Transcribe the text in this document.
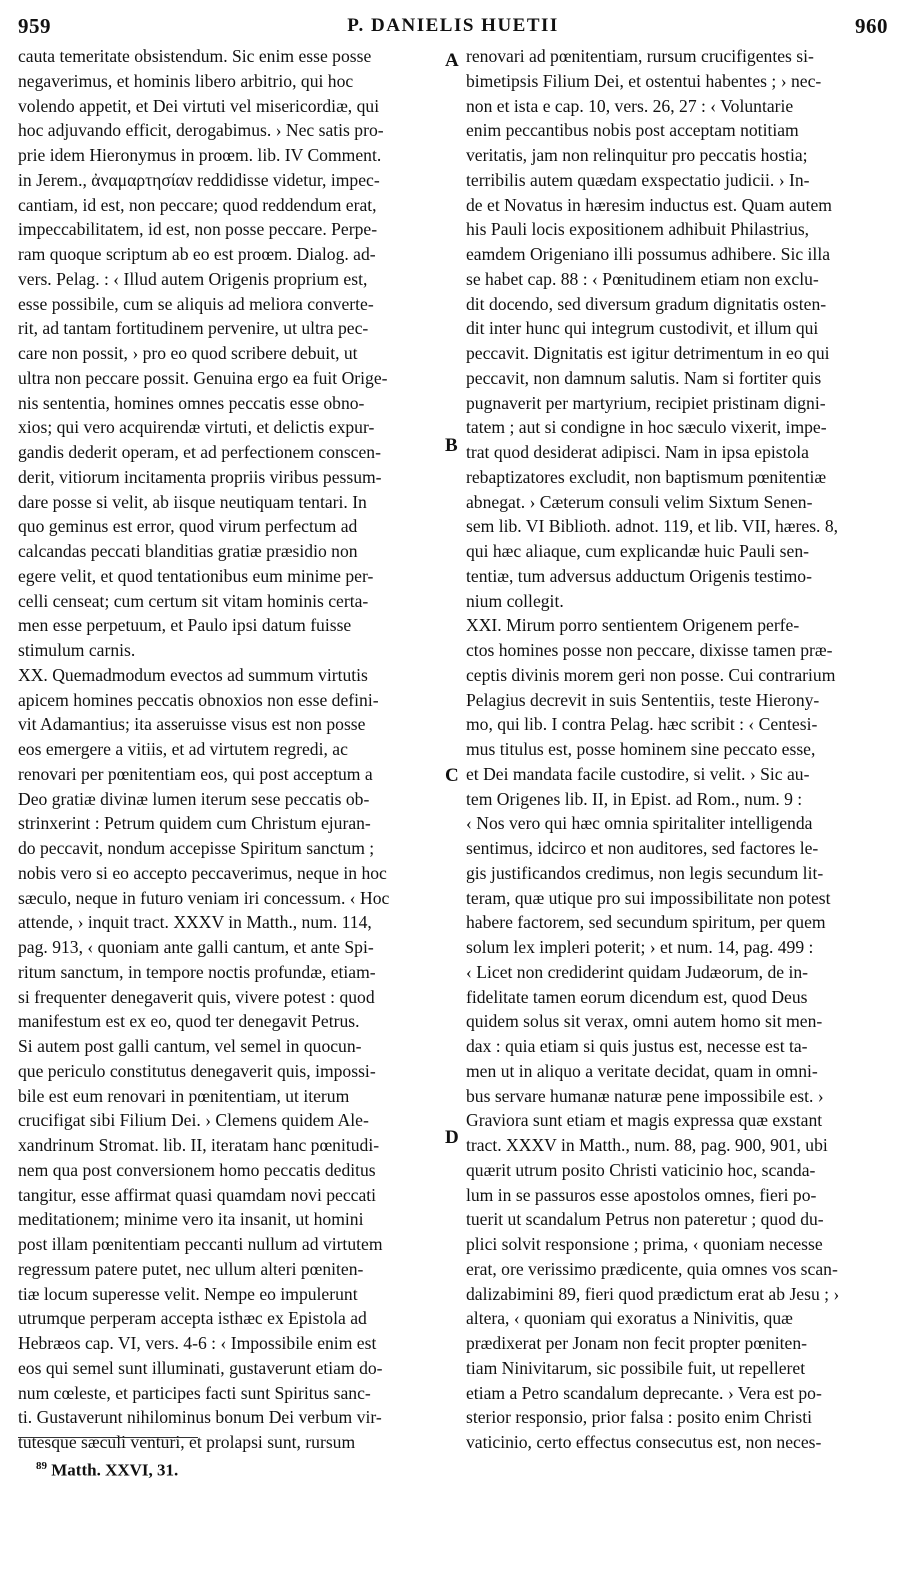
959	P. DANIELIS HUETII	960
cauta temeritate obsistendum. Sic enim esse posse
negaverimus, et hominis libero arbitrio, qui hoc
volendo appetit, et Dei virtuti vel misericordiæ, qui
hoc adjuvando efficit, derogabimus. › Nec satis pro-
prie idem Hieronymus in proœm. lib. IV Comment.
in Jerem., ἀναμαρτησίαν reddidisse videtur, impec-
cantiam, id est, non peccare; quod reddendum erat,
impeccabilitatem, id est, non posse peccare. Perpe-
ram quoque scriptum ab eo est proœm. Dialog. ad-
vers. Pelag. : ‹ Illud autem Origenis proprium est,
esse possibile, cum se aliquis ad meliora converte-
rit, ad tantam fortitudinem pervenire, ut ultra pec-
care non possit, › pro eo quod scribere debuit, ut
ultra non peccare possit. Genuina ergo ea fuit Orige-
nis sententia, homines omnes peccatis esse obno-
xios; qui vero acquirendæ virtuti, et delictis expur-
gandis dederit operam, et ad perfectionem conscen-
derit, vitiorum incitamenta propriis viribus pessum-
dare posse si velit, ab iisque neutiquam tentari. In
quo geminus est error, quod virum perfectum ad
calcandas peccati blanditias gratiæ præsidio non
egere velit, et quod tentationibus eum minime per-
celli censeat; cum certum sit vitam hominis certa-
men esse perpetuum, et Paulo ipsi datum fuisse
stimulum carnis.
XX. Quemadmodum evectos ad summum virtutis
apicem homines peccatis obnoxios non esse defini-
vit Adamantius; ita asseruisse visus est non posse
eos emergere a vitiis, et ad virtutem regredi, ac
renovari per pœnitentiam eos, qui post acceptum a
Deo gratiæ divinæ lumen iterum sese peccatis ob-
strinxerint : Petrum quidem cum Christum ejuran-
do peccavit, nondum accepisse Spiritum sanctum ;
nobis vero si eo accepto peccaverimus, neque in hoc
sæculo, neque in futuro veniam iri concessum. ‹ Hoc
attende, › inquit tract. XXXV in Matth., num. 114,
pag. 913, ‹ quoniam ante galli cantum, et ante Spi-
ritum sanctum, in tempore noctis profundæ, etiam-
si frequenter denegaverit quis, vivere potest : quod
manifestum est ex eo, quod ter denegavit Petrus.
Si autem post galli cantum, vel semel in quocun-
que periculo constitutus denegaverit quis, impossi-
bile est eum renovari in pœnitentiam, ut iterum
crucifigat sibi Filium Dei. › Clemens quidem Ale-
xandrinum Stromat. lib. II, iteratam hanc pœnitudi-
nem qua post conversionem homo peccatis deditus
tangitur, esse affirmat quasi quamdam novi peccati
meditationem; minime vero ita insanit, ut homini
post illam pœnitentiam peccanti nullum ad virtutem
regressum patere putet, nec ullum alteri pœniten-
tiæ locum superesse velit. Nempe eo impulerunt
utrumque perperam accepta isthæc ex Epistola ad
Hebræos cap. VI, vers. 4-6 : ‹ Impossibile enim est
eos qui semel sunt illuminati, gustaverunt etiam do-
num cœleste, et participes facti sunt Spiritus sanc-
ti. Gustaverunt nihilominus bonum Dei verbum vir-
tutesque sæculi venturi, et prolapsi sunt, rursum
renovari ad pœnitentiam, rursum crucifigentes si-
bimetipsis Filium Dei, et ostentui habentes ; › nec-
non et ista e cap. 10, vers. 26, 27 : ‹ Voluntarie
enim peccantibus nobis post acceptam notitiam
veritatis, jam non relinquitur pro peccatis hostia;
terribilis autem quædam exspectatio judicii. › In-
de et Novatus in hæresim inductus est. Quam autem
his Pauli locis expositionem adhibuit Philastrius,
eamdem Origeniano illi possumus adhibere. Sic illa
se habet cap. 88 : ‹ Pœnitudinem etiam non exclu-
dit docendo, sed diversum gradum dignitatis osten-
dit inter hunc qui integrum custodivit, et illum qui
peccavit. Dignitatis est igitur detrimentum in eo qui
peccavit, non damnum salutis. Nam si fortiter quis
pugnaverit per martyrium, recipiet pristinam digni-
tatem ; aut si condigne in hoc sæculo vixerit, impe-
trat quod desiderat adipisci. Nam in ipsa epistola
rebaptizatores excludit, non baptismum pœnitentiæ
abnegat. › Cæterum consuli velim Sixtum Senen-
sem lib. VI Biblioth. adnot. 119, et lib. VII, hæres. 8,
qui hæc aliaque, cum explicandæ huic Pauli sen-
tentiæ, tum adversus adductum Origenis testimo-
nium collegit.
XXI. Mirum porro sentientem Origenem perfe-
ctos homines posse non peccare, dixisse tamen præ-
ceptis divinis morem geri non posse. Cui contrarium
Pelagius decrevit in suis Sententiis, teste Hierony-
mo, qui lib. I contra Pelag. hæc scribit : ‹ Centesi-
mus titulus est, posse hominem sine peccato esse,
et Dei mandata facile custodire, si velit. › Sic au-
tem Origenes lib. II, in Epist. ad Rom., num. 9 :
‹ Nos vero qui hæc omnia spiritaliter intelligenda
sentimus, idcirco et non auditores, sed factores le-
gis justificandos credimus, non legis secundum lit-
teram, quæ utique pro sui impossibilitate non potest
habere factorem, sed secundum spiritum, per quem
solum lex impleri poterit; › et num. 14, pag. 499 :
‹ Licet non crediderint quidam Judæorum, de in-
fidelitate tamen eorum dicendum est, quod Deus
quidem solus sit verax, omni autem homo sit men-
dax : quia etiam si quis justus est, necesse est ta-
men ut in aliquo a veritate decidat, quam in omni-
bus servare humanæ naturæ pene impossibile est. ›
Graviora sunt etiam et magis expressa quæ exstant
tract. XXXV in Matth., num. 88, pag. 900, 901, ubi
quærit utrum posito Christi vaticinio hoc, scanda-
lum in se passuros esse apostolos omnes, fieri po-
tuerit ut scandalum Petrus non pateretur ; quod du-
plici solvit responsione ; prima, ‹ quoniam necesse
erat, ore verissimo prædicente, quia omnes vos scan-
dalizabimini 89, fieri quod prædictum erat ab Jesu ; ›
altera, ‹ quoniam qui exoratus a Ninivitis, quæ
prædixerat per Jonam non fecit propter pœniten-
tiam Ninivitarum, sic possibile fuit, ut repelleret
etiam a Petro scandalum deprecante. › Vera est po-
sterior responsio, prior falsa : posito enim Christi
vaticinio, certo effectus consecutus est, non neces-
A
B
C
D
$^{89}$ Matth. XXVI, 31.
